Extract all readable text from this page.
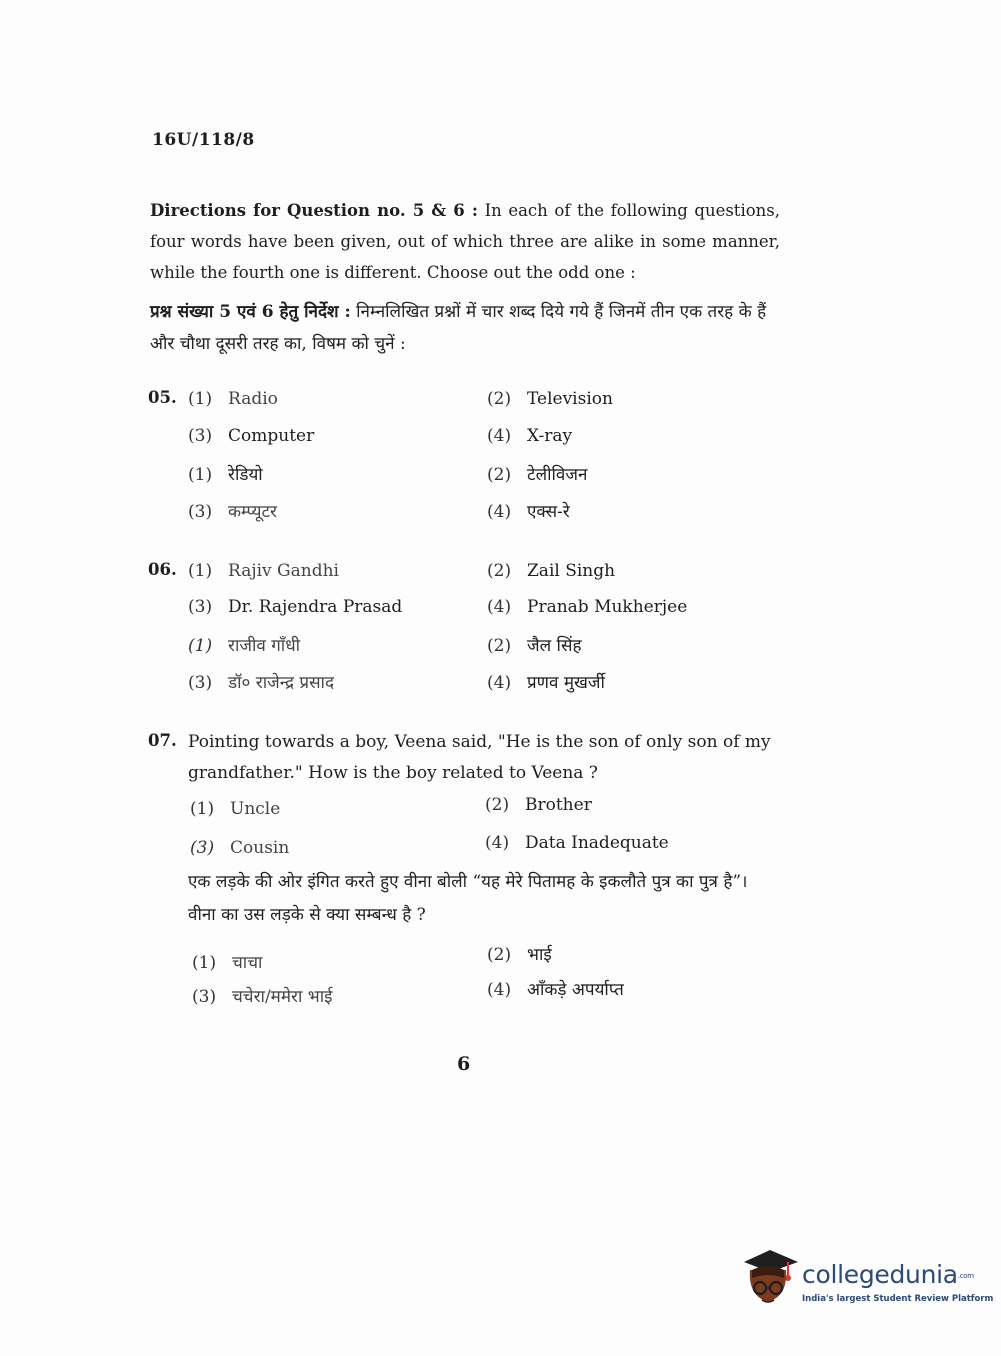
16U/118/8
Directions for Question no. 5 & 6 : In each of the following questions, four words have been given, out of which three are alike in some manner, while the fourth one is different. Choose out the odd one :
प्रश्न संख्या 5 एवं 6 हेतु निर्देश : निम्नलिखित प्रश्नों में चार शब्द दिये गये हैं जिनमें तीन एक तरह के हैं और चौथा दूसरी तरह का, विषम को चुनें :
05. (1) Radio	(2) Television
(3) Computer	(4) X-ray
(1) रेडियो	(2) टेलीविजन
(3) कम्प्यूटर	(4) एक्स-रे
06. (1) Rajiv Gandhi	(2) Zail Singh
(3) Dr. Rajendra Prasad	(4) Pranab Mukherjee
(1) राजीव गाँधी	(2) जैल सिंह
(3) डॉ० राजेन्द्र प्रसाद	(4) प्रणव मुखर्जी
07. Pointing towards a boy, Veena said, "He is the son of only son of my grandfather." How is the boy related to Veena ?
(1) Uncle	(2) Brother
(3) Cousin	(4) Data Inadequate
एक लड़के की ओर इंगित करते हुए वीना बोली “यह मेरे पितामह के इकलौते पुत्र का पुत्र है”। वीना का उस लड़के से क्या सम्बन्ध है ?
(1) चाचा	(2) भाई
(3) चचेरा/ममेरा भाई	(4) आँकड़े अपर्याप्त
6
collegedunia.com
India's largest Student Review Platform
